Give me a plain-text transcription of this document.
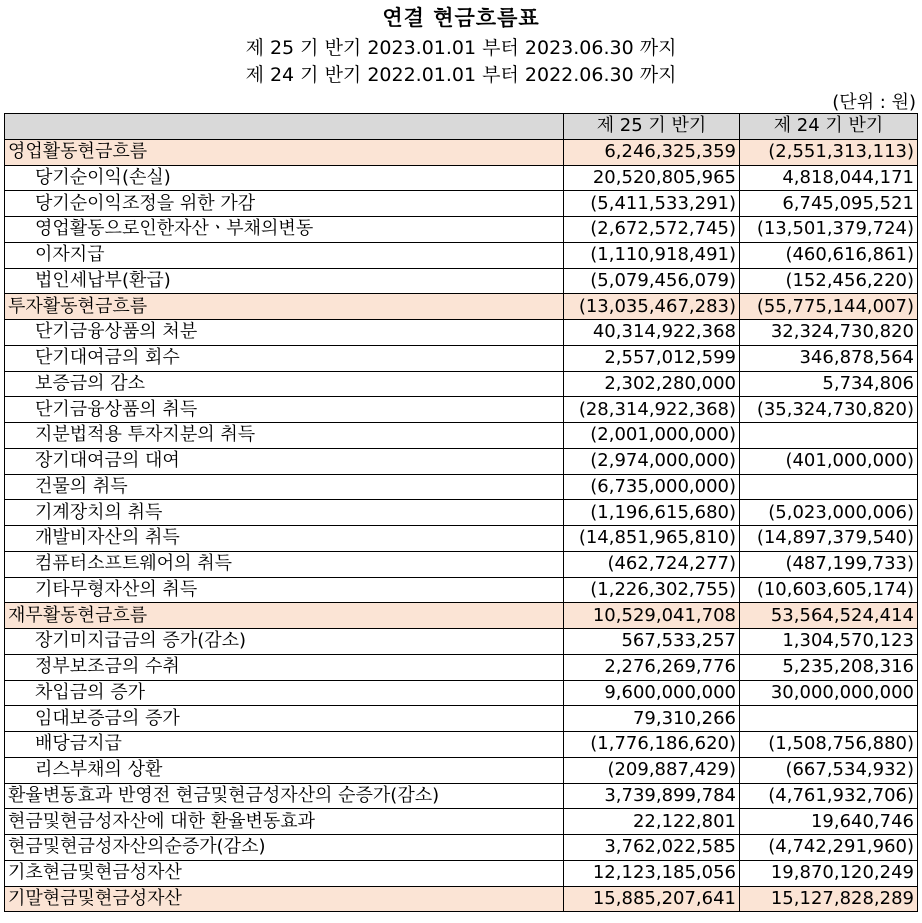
연결 현금흐름표
제 25 기 반기 2023.01.01 부터 2023.06.30 까지
제 24 기 반기 2022.01.01 부터 2022.06.30 까지
(단위 : 원)
	제 25 기 반기	제 24 기 반기
영업활동현금흐름	6,246,325,359	(2,551,313,113)
당기순이익(손실)	20,520,805,965	4,818,044,171
당기순이익조정을 위한 가감	(5,411,533,291)	6,745,095,521
영업활동으로인한자산ㆍ부채의변동	(2,672,572,745)	(13,501,379,724)
이자지급	(1,110,918,491)	(460,616,861)
법인세납부(환급)	(5,079,456,079)	(152,456,220)
투자활동현금흐름	(13,035,467,283)	(55,775,144,007)
단기금융상품의 처분	40,314,922,368	32,324,730,820
단기대여금의 회수	2,557,012,599	346,878,564
보증금의 감소	2,302,280,000	5,734,806
단기금융상품의 취득	(28,314,922,368)	(35,324,730,820)
지분법적용 투자지분의 취득	(2,001,000,000)	
장기대여금의 대여	(2,974,000,000)	(401,000,000)
건물의 취득	(6,735,000,000)	
기계장치의 취득	(1,196,615,680)	(5,023,000,006)
개발비자산의 취득	(14,851,965,810)	(14,897,379,540)
컴퓨터소프트웨어의 취득	(462,724,277)	(487,199,733)
기타무형자산의 취득	(1,226,302,755)	(10,603,605,174)
재무활동현금흐름	10,529,041,708	53,564,524,414
장기미지급금의 증가(감소)	567,533,257	1,304,570,123
정부보조금의 수취	2,276,269,776	5,235,208,316
차입금의 증가	9,600,000,000	30,000,000,000
임대보증금의 증가	79,310,266	
배당금지급	(1,776,186,620)	(1,508,756,880)
리스부채의 상환	(209,887,429)	(667,534,932)
환율변동효과 반영전 현금및현금성자산의 순증가(감소)	3,739,899,784	(4,761,932,706)
현금및현금성자산에 대한 환율변동효과	22,122,801	19,640,746
현금및현금성자산의순증가(감소)	3,762,022,585	(4,742,291,960)
기초현금및현금성자산	12,123,185,056	19,870,120,249
기말현금및현금성자산	15,885,207,641	15,127,828,289
